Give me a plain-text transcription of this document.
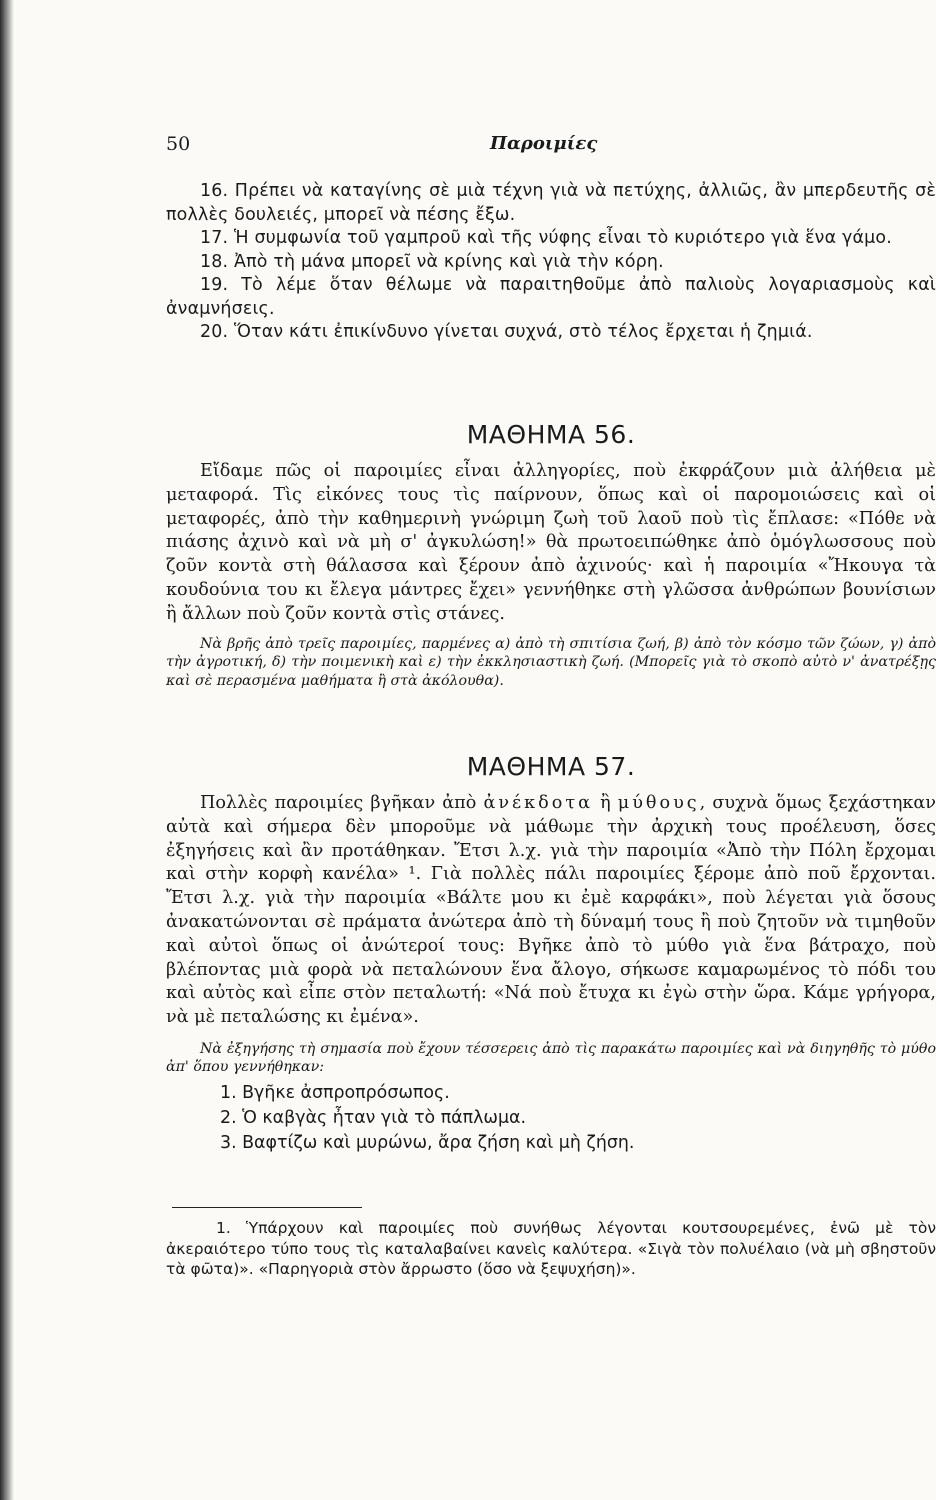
50	Παροιμίες

16. Πρέπει νὰ καταγίνης σὲ μιὰ τέχνη γιὰ νὰ πετύχης, ἀλλιῶς, ἂν μπερδευτῆς σὲ πολλὲς δουλειές, μπορεῖ νὰ πέσης ἔξω.

17. Ἡ συμφωνία τοῦ γαμπροῦ καὶ τῆς νύφης εἶναι τὸ κυριότερο γιὰ ἕνα γάμο.

18. Ἀπὸ τὴ μάνα μπορεῖ νὰ κρίνης καὶ γιὰ τὴν κόρη.

19. Τὸ λέμε ὅταν θέλωμε νὰ παραιτηθοῦμε ἀπὸ παλιοὺς λογαριασμοὺς καὶ ἀναμνήσεις.

20. Ὅταν κάτι ἐπικίνδυνο γίνεται συχνά, στὸ τέλος ἔρχεται ἡ ζημιά.

ΜΑΘΗΜΑ 56.

Εἴδαμε πῶς οἱ παροιμίες εἶναι ἀλληγορίες, ποὺ ἐκφράζουν μιὰ ἀλήθεια μὲ μεταφορά. Τὶς εἰκόνες τους τὶς παίρνουν, ὅπως καὶ οἱ παρομοιώσεις καὶ οἱ μεταφορές, ἀπὸ τὴν καθημερινὴ γνώριμη ζωὴ τοῦ λαοῦ ποὺ τὶς ἔπλασε: «Πόθε νὰ πιάσης ἀχινὸ καὶ νὰ μὴ σ' ἀγκυλώση!» θὰ πρωτοειπώθηκε ἀπὸ ὁμόγλωσσους ποὺ ζοῦν κοντὰ στὴ θάλασσα καὶ ξέρουν ἀπὸ ἀχινούς· καὶ ἡ παροιμία «Ἤκουγα τὰ κουδούνια του κι ἔλεγα μάντρες ἔχει» γεννήθηκε στὴ γλῶσσα ἀνθρώπων βουνίσιων ἢ ἄλλων ποὺ ζοῦν κοντὰ στὶς στάνες.

Νὰ βρῆς ἀπὸ τρεῖς παροιμίες, παρμένες α) ἀπὸ τὴ σπιτίσια ζωή, β) ἀπὸ τὸν κόσμο τῶν ζώων, γ) ἀπὸ τὴν ἀγροτική, δ) τὴν ποιμενικὴ καὶ ε) τὴν ἐκκλησιαστικὴ ζωή. (Μπορεῖς γιὰ τὸ σκοπὸ αὐτὸ ν' ἀνατρέξῃς καὶ σὲ περασμένα μαθήματα ἢ στὰ ἀκόλουθα).

ΜΑΘΗΜΑ 57.

Πολλὲς παροιμίες βγῆκαν ἀπὸ ἀνέκδοτα ἢ μύθους, συχνὰ ὅμως ξεχάστηκαν αὐτὰ καὶ σήμερα δὲν μποροῦμε νὰ μάθωμε τὴν ἀρχικὴ τους προέλευση, ὅσες ἐξηγήσεις καὶ ἂν προτάθηκαν. Ἔτσι λ.χ. γιὰ τὴν παροιμία «Ἀπὸ τὴν Πόλη ἔρχομαι καὶ στὴν κορφὴ κανέλα» ¹. Γιὰ πολλὲς πάλι παροιμίες ξέρομε ἀπὸ ποῦ ἔρχονται. Ἔτσι λ.χ. γιὰ τὴν παροιμία «Βάλτε μου κι ἐμὲ καρφάκι», ποὺ λέγεται γιὰ ὅσους ἀνακατώνονται σὲ πράματα ἀνώτερα ἀπὸ τὴ δύναμή τους ἢ ποὺ ζητοῦν νὰ τιμηθοῦν καὶ αὐτοὶ ὅπως οἱ ἀνώτεροί τους: Βγῆκε ἀπὸ τὸ μύθο γιὰ ἕνα βάτραχο, ποὺ βλέποντας μιὰ φορὰ νὰ πεταλώνουν ἕνα ἄλογο, σήκωσε καμαρωμένος τὸ πόδι του καὶ αὐτὸς καὶ εἶπε στὸν πεταλωτή: «Νά ποὺ ἔτυχα κι ἐγὼ στὴν ὥρα. Κάμε γρήγορα, νὰ μὲ πεταλώσης κι ἐμένα».

Νὰ ἐξηγήσης τὴ σημασία ποὺ ἔχουν τέσσερεις ἀπὸ τὶς παρακάτω παροιμίες καὶ νὰ διηγηθῆς τὸ μύθο ἀπ' ὅπου γεννήθηκαν:

1. Βγῆκε ἀσπροπρόσωπος.

2. Ὁ καβγὰς ἦταν γιὰ τὸ πάπλωμα.

3. Βαφτίζω καὶ μυρώνω, ἄρα ζήση καὶ μὴ ζήση.

1. Ὑπάρχουν καὶ παροιμίες ποὺ συνήθως λέγονται κουτσουρεμένες, ἐνῶ μὲ τὸν ἀκεραιότερο τύπο τους τὶς καταλαβαίνει κανεὶς καλύτερα. «Σιγὰ τὸν πολυέλαιο (νὰ μὴ σβηστοῦν τὰ φῶτα)». «Παρηγοριὰ στὸν ἄρρωστο (ὅσο νὰ ξεψυχήση)».
